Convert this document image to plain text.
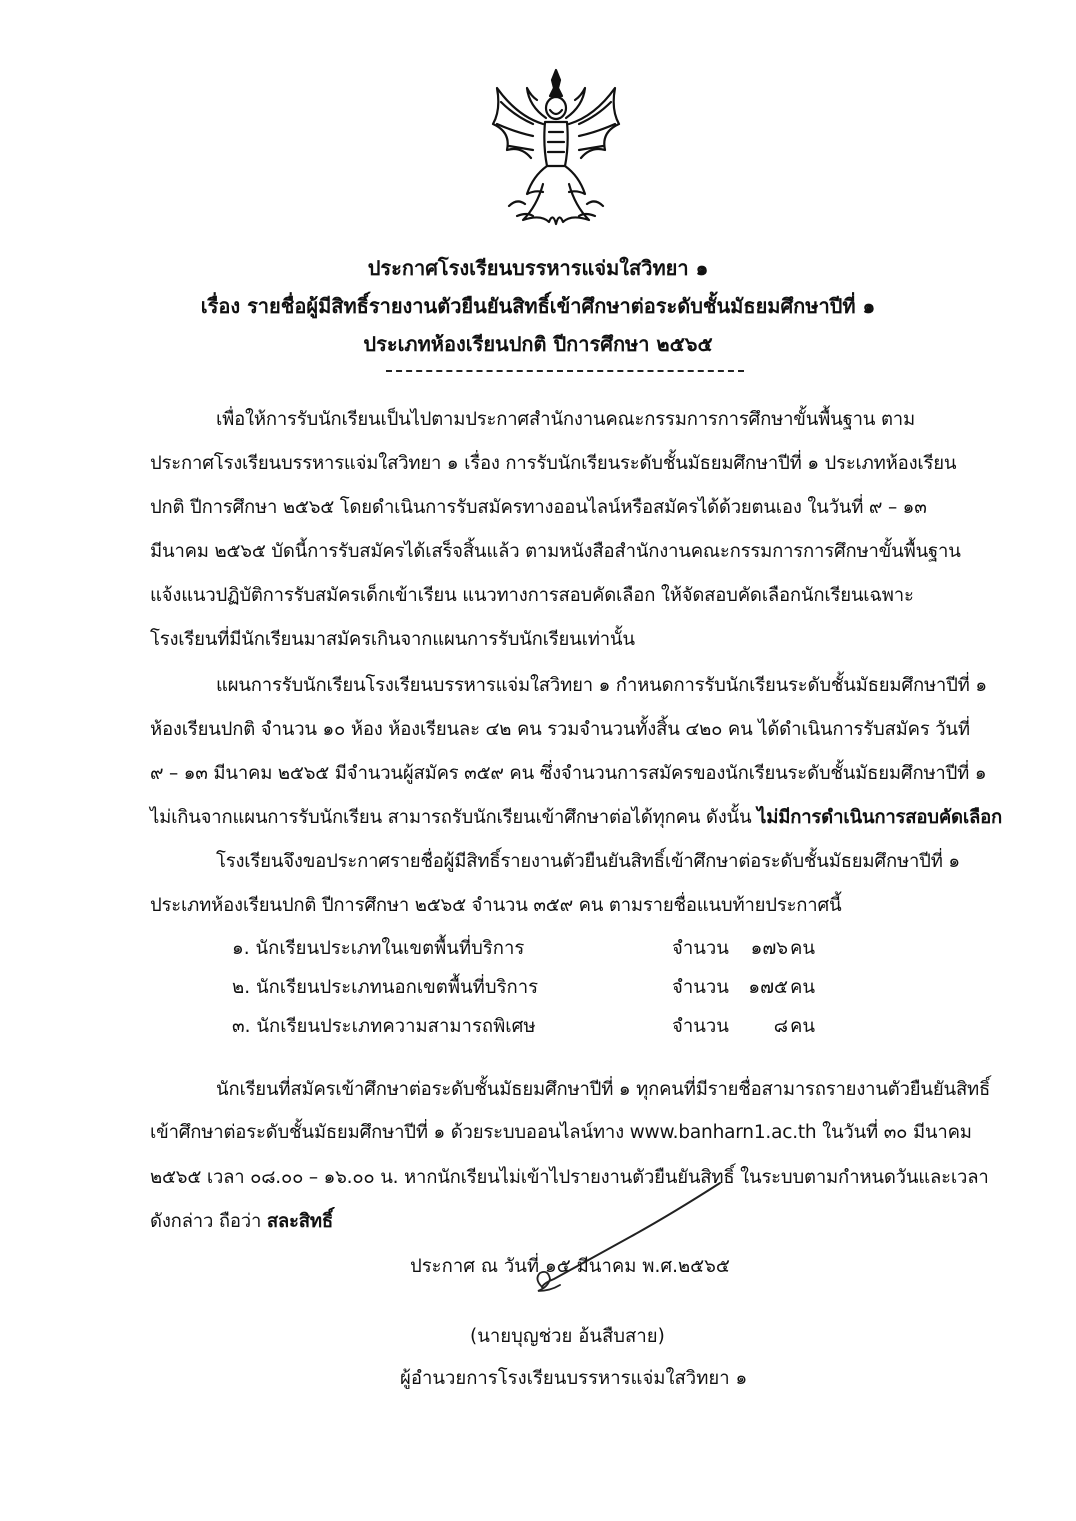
ประกาศโรงเรียนบรรหารแจ่มใสวิทยา ๑
เรื่อง รายชื่อผู้มีสิทธิ์รายงานตัวยืนยันสิทธิ์เข้าศึกษาต่อระดับชั้นมัธยมศึกษาปีที่ ๑
ประเภทห้องเรียนปกติ ปีการศึกษา ๒๕๖๕
เพื่อให้การรับนักเรียนเป็นไปตามประกาศสำนักงานคณะกรรมการการศึกษาขั้นพื้นฐาน ตาม
ประกาศโรงเรียนบรรหารแจ่มใสวิทยา ๑ เรื่อง การรับนักเรียนระดับชั้นมัธยมศึกษาปีที่ ๑ ประเภทห้องเรียน
ปกติ ปีการศึกษา ๒๕๖๕ โดยดำเนินการรับสมัครทางออนไลน์หรือสมัครได้ด้วยตนเอง ในวันที่ ๙ – ๑๓
มีนาคม ๒๕๖๕ บัดนี้การรับสมัครได้เสร็จสิ้นแล้ว ตามหนังสือสำนักงานคณะกรรมการการศึกษาขั้นพื้นฐาน
แจ้งแนวปฏิบัติการรับสมัครเด็กเข้าเรียน แนวทางการสอบคัดเลือก ให้จัดสอบคัดเลือกนักเรียนเฉพาะ
โรงเรียนที่มีนักเรียนมาสมัครเกินจากแผนการรับนักเรียนเท่านั้น
แผนการรับนักเรียนโรงเรียนบรรหารแจ่มใสวิทยา ๑ กำหนดการรับนักเรียนระดับชั้นมัธยมศึกษาปีที่ ๑
ห้องเรียนปกติ จำนวน ๑๐ ห้อง ห้องเรียนละ ๔๒ คน รวมจำนวนทั้งสิ้น ๔๒๐ คน ได้ดำเนินการรับสมัคร วันที่
๙ – ๑๓ มีนาคม ๒๕๖๕ มีจำนวนผู้สมัคร ๓๕๙ คน ซึ่งจำนวนการสมัครของนักเรียนระดับชั้นมัธยมศึกษาปีที่ ๑
ไม่เกินจากแผนการรับนักเรียน สามารถรับนักเรียนเข้าศึกษาต่อได้ทุกคน ดังนั้น ไม่มีการดำเนินการสอบคัดเลือก
โรงเรียนจึงขอประกาศรายชื่อผู้มีสิทธิ์รายงานตัวยืนยันสิทธิ์เข้าศึกษาต่อระดับชั้นมัธยมศึกษาปีที่ ๑
ประเภทห้องเรียนปกติ ปีการศึกษา ๒๕๖๕ จำนวน ๓๕๙ คน ตามรายชื่อแนบท้ายประกาศนี้
๑. นักเรียนประเภทในเขตพื้นที่บริการ	จำนวน	๑๗๖ คน
๒. นักเรียนประเภทนอกเขตพื้นที่บริการ	จำนวน	๑๗๕ คน
๓. นักเรียนประเภทความสามารถพิเศษ	จำนวน	๘ คน
นักเรียนที่สมัครเข้าศึกษาต่อระดับชั้นมัธยมศึกษาปีที่ ๑ ทุกคนที่มีรายชื่อสามารถรายงานตัวยืนยันสิทธิ์
เข้าศึกษาต่อระดับชั้นมัธยมศึกษาปีที่ ๑ ด้วยระบบออนไลน์ทาง www.banharn1.ac.th ในวันที่ ๓๐ มีนาคม
๒๕๖๕ เวลา ๐๘.๐๐ – ๑๖.๐๐ น. หากนักเรียนไม่เข้าไปรายงานตัวยืนยันสิทธิ์ ในระบบตามกำหนดวันและเวลา
ดังกล่าว ถือว่า สละสิทธิ์
ประกาศ ณ วันที่ ๑๕ มีนาคม พ.ศ.๒๕๖๕
(นายบุญช่วย อ้นสืบสาย)
ผู้อำนวยการโรงเรียนบรรหารแจ่มใสวิทยา ๑
